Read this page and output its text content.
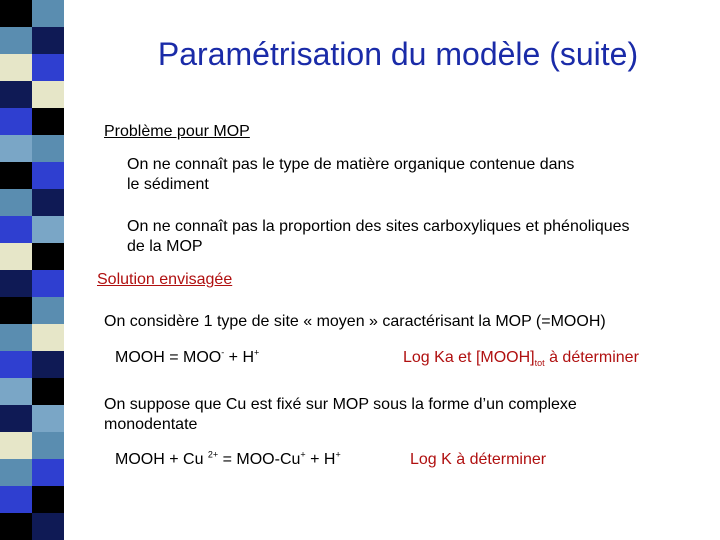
Paramétrisation du modèle (suite)
Problème pour MOP
On ne connaît pas le type de matière organique contenue dans
le sédiment
On ne connaît pas la proportion des sites carboxyliques et phénoliques
de la MOP
Solution envisagée
On considère 1 type de site « moyen » caractérisant la MOP (=MOOH)
MOOH = MOO- + H+	Log Ka et $[MOOH]_{tot}$ à déterminer
On suppose que Cu est fixé sur MOP sous la forme d’un complexe
monodentate
MOOH + Cu $^{2+}$ = MOO-Cu+ + H+	Log K à déterminer
